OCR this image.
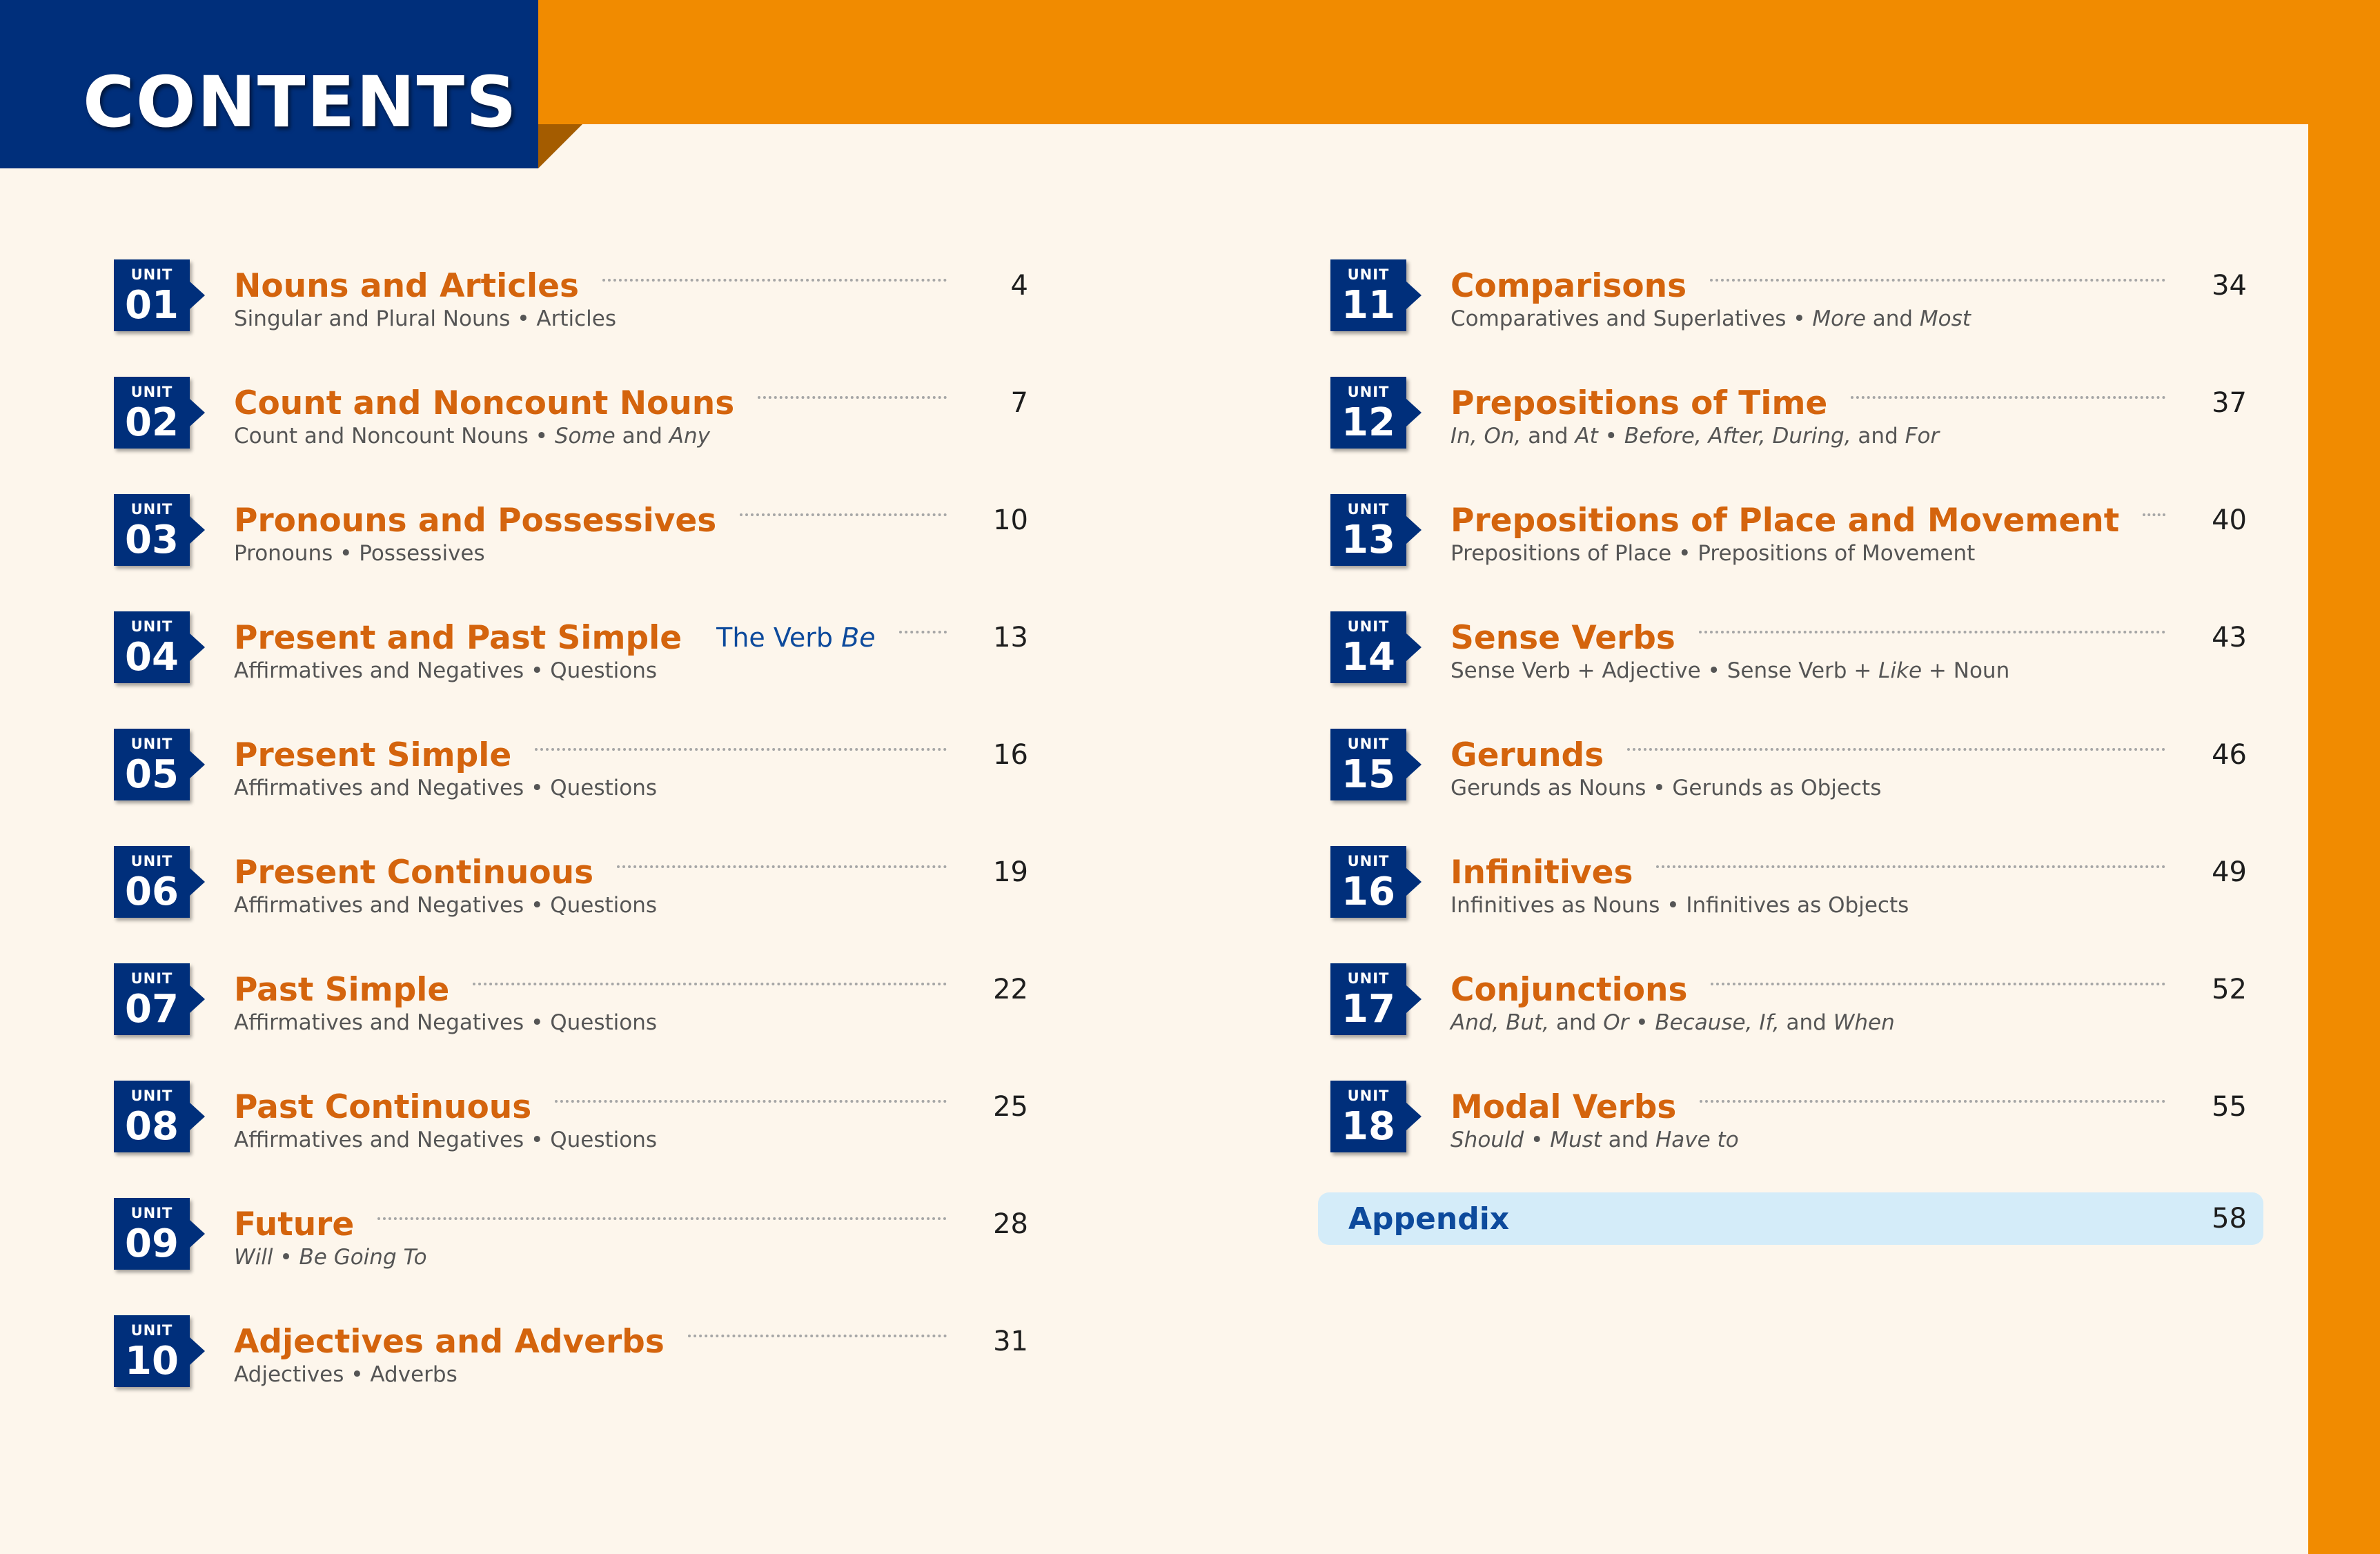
CONTENTS
UNIT
01	Nouns and Articles	4
Singular and Plural Nouns • Articles
UNIT
02	Count and Noncount Nouns	7
Count and Noncount Nouns • Some and Any
UNIT
03	Pronouns and Possessives	10
Pronouns • Possessives
UNIT
04	Present and Past Simple The Verb Be	13
Affirmatives and Negatives • Questions
UNIT
05	Present Simple	16
Affirmatives and Negatives • Questions
UNIT
06	Present Continuous	19
Affirmatives and Negatives • Questions
UNIT
07	Past Simple	22
Affirmatives and Negatives • Questions
UNIT
08	Past Continuous	25
Affirmatives and Negatives • Questions
UNIT
09	Future	28
Will • Be Going To
UNIT
10	Adjectives and Adverbs	31
Adjectives • Adverbs
UNIT
11	Comparisons	34
Comparatives and Superlatives • More and Most
UNIT
12	Prepositions of Time	37
In, On, and At • Before, After, During, and For
UNIT
13	Prepositions of Place and Movement	40
Prepositions of Place • Prepositions of Movement
UNIT
14	Sense Verbs	43
Sense Verb + Adjective • Sense Verb + Like + Noun
UNIT
15	Gerunds	46
Gerunds as Nouns • Gerunds as Objects
UNIT
16	Infinitives	49
Infinitives as Nouns • Infinitives as Objects
UNIT
17	Conjunctions	52
And, But, and Or • Because, If, and When
UNIT
18	Modal Verbs	55
Should • Must and Have to
Appendix	58
